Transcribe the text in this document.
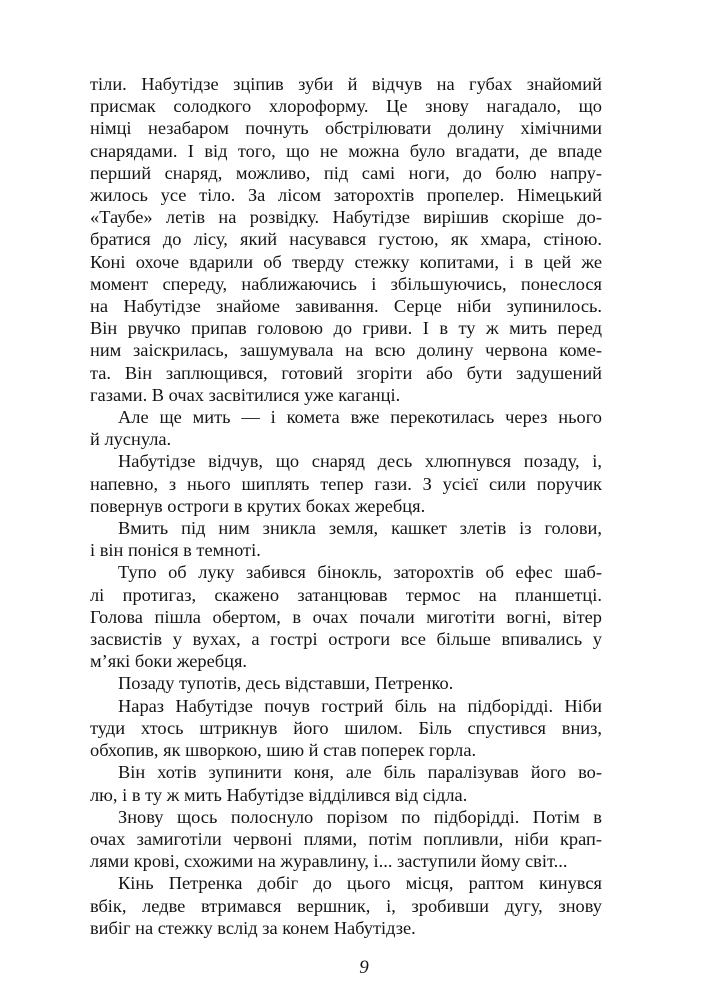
тіли. Набутідзе зціпив зуби й відчув на губах знайомий
присмак солодкого хлороформу. Це знову нагадало, що
німці незабаром почнуть обстрілювати долину хімічними
снарядами. І від того, що не можна було вгадати, де впаде
перший снаряд, можливо, під самі ноги, до болю напру-
жилось усе тіло. За лісом заторохтів пропелер. Німецький
«Таубе» летів на розвідку. Набутідзе вирішив скоріше до-
братися до лісу, який насувався густою, як хмара, стіною.
Коні охоче вдарили об тверду стежку копитами, і в цей же
момент спереду, наближаючись і збільшуючись, понеслося
на Набутідзе знайоме завивання. Серце ніби зупинилось.
Він рвучко припав головою до гриви. І в ту ж мить перед
ним заіскрилась, зашумувала на всю долину червона коме-
та. Він заплющився, готовий згоріти або бути задушений
газами. В очах засвітилися уже каганці.
Але ще мить — і комета вже перекотилась через нього
й луснула.
Набутідзе відчув, що снаряд десь хлюпнувся позаду, і,
напевно, з нього шиплять тепер гази. З усієї сили поручик
повернув остроги в крутих боках жеребця.
Вмить під ним зникла земля, кашкет злетів із голови,
і він поніся в темноті.
Тупо об луку забився бінокль, заторохтів об ефес шаб-
лі протигаз, скажено затанцював термос на планшетці.
Голова пішла обертом, в очах почали миготіти вогні, вітер
засвистів у вухах, а гострі остроги все більше впивались у
м’які боки жеребця.
Позаду тупотів, десь відставши, Петренко.
Нараз Набутідзе почув гострий біль на підборідді. Ніби
туди хтось штрикнув його шилом. Біль спустився вниз,
обхопив, як шворкою, шию й став поперек горла.
Він хотів зупинити коня, але біль паралізував його во-
лю, і в ту ж мить Набутідзе відділився від сідла.
Знову щось полоснуло порізом по підборідді. Потім в
очах замиготіли червоні плями, потім попливли, ніби крап-
лями крові, схожими на журавлину, і... заступили йому світ...
Кінь Петренка добіг до цього місця, раптом кинувся
вбік, ледве втримався вершник, і, зробивши дугу, знову
вибіг на стежку вслід за конем Набутідзе.
9
